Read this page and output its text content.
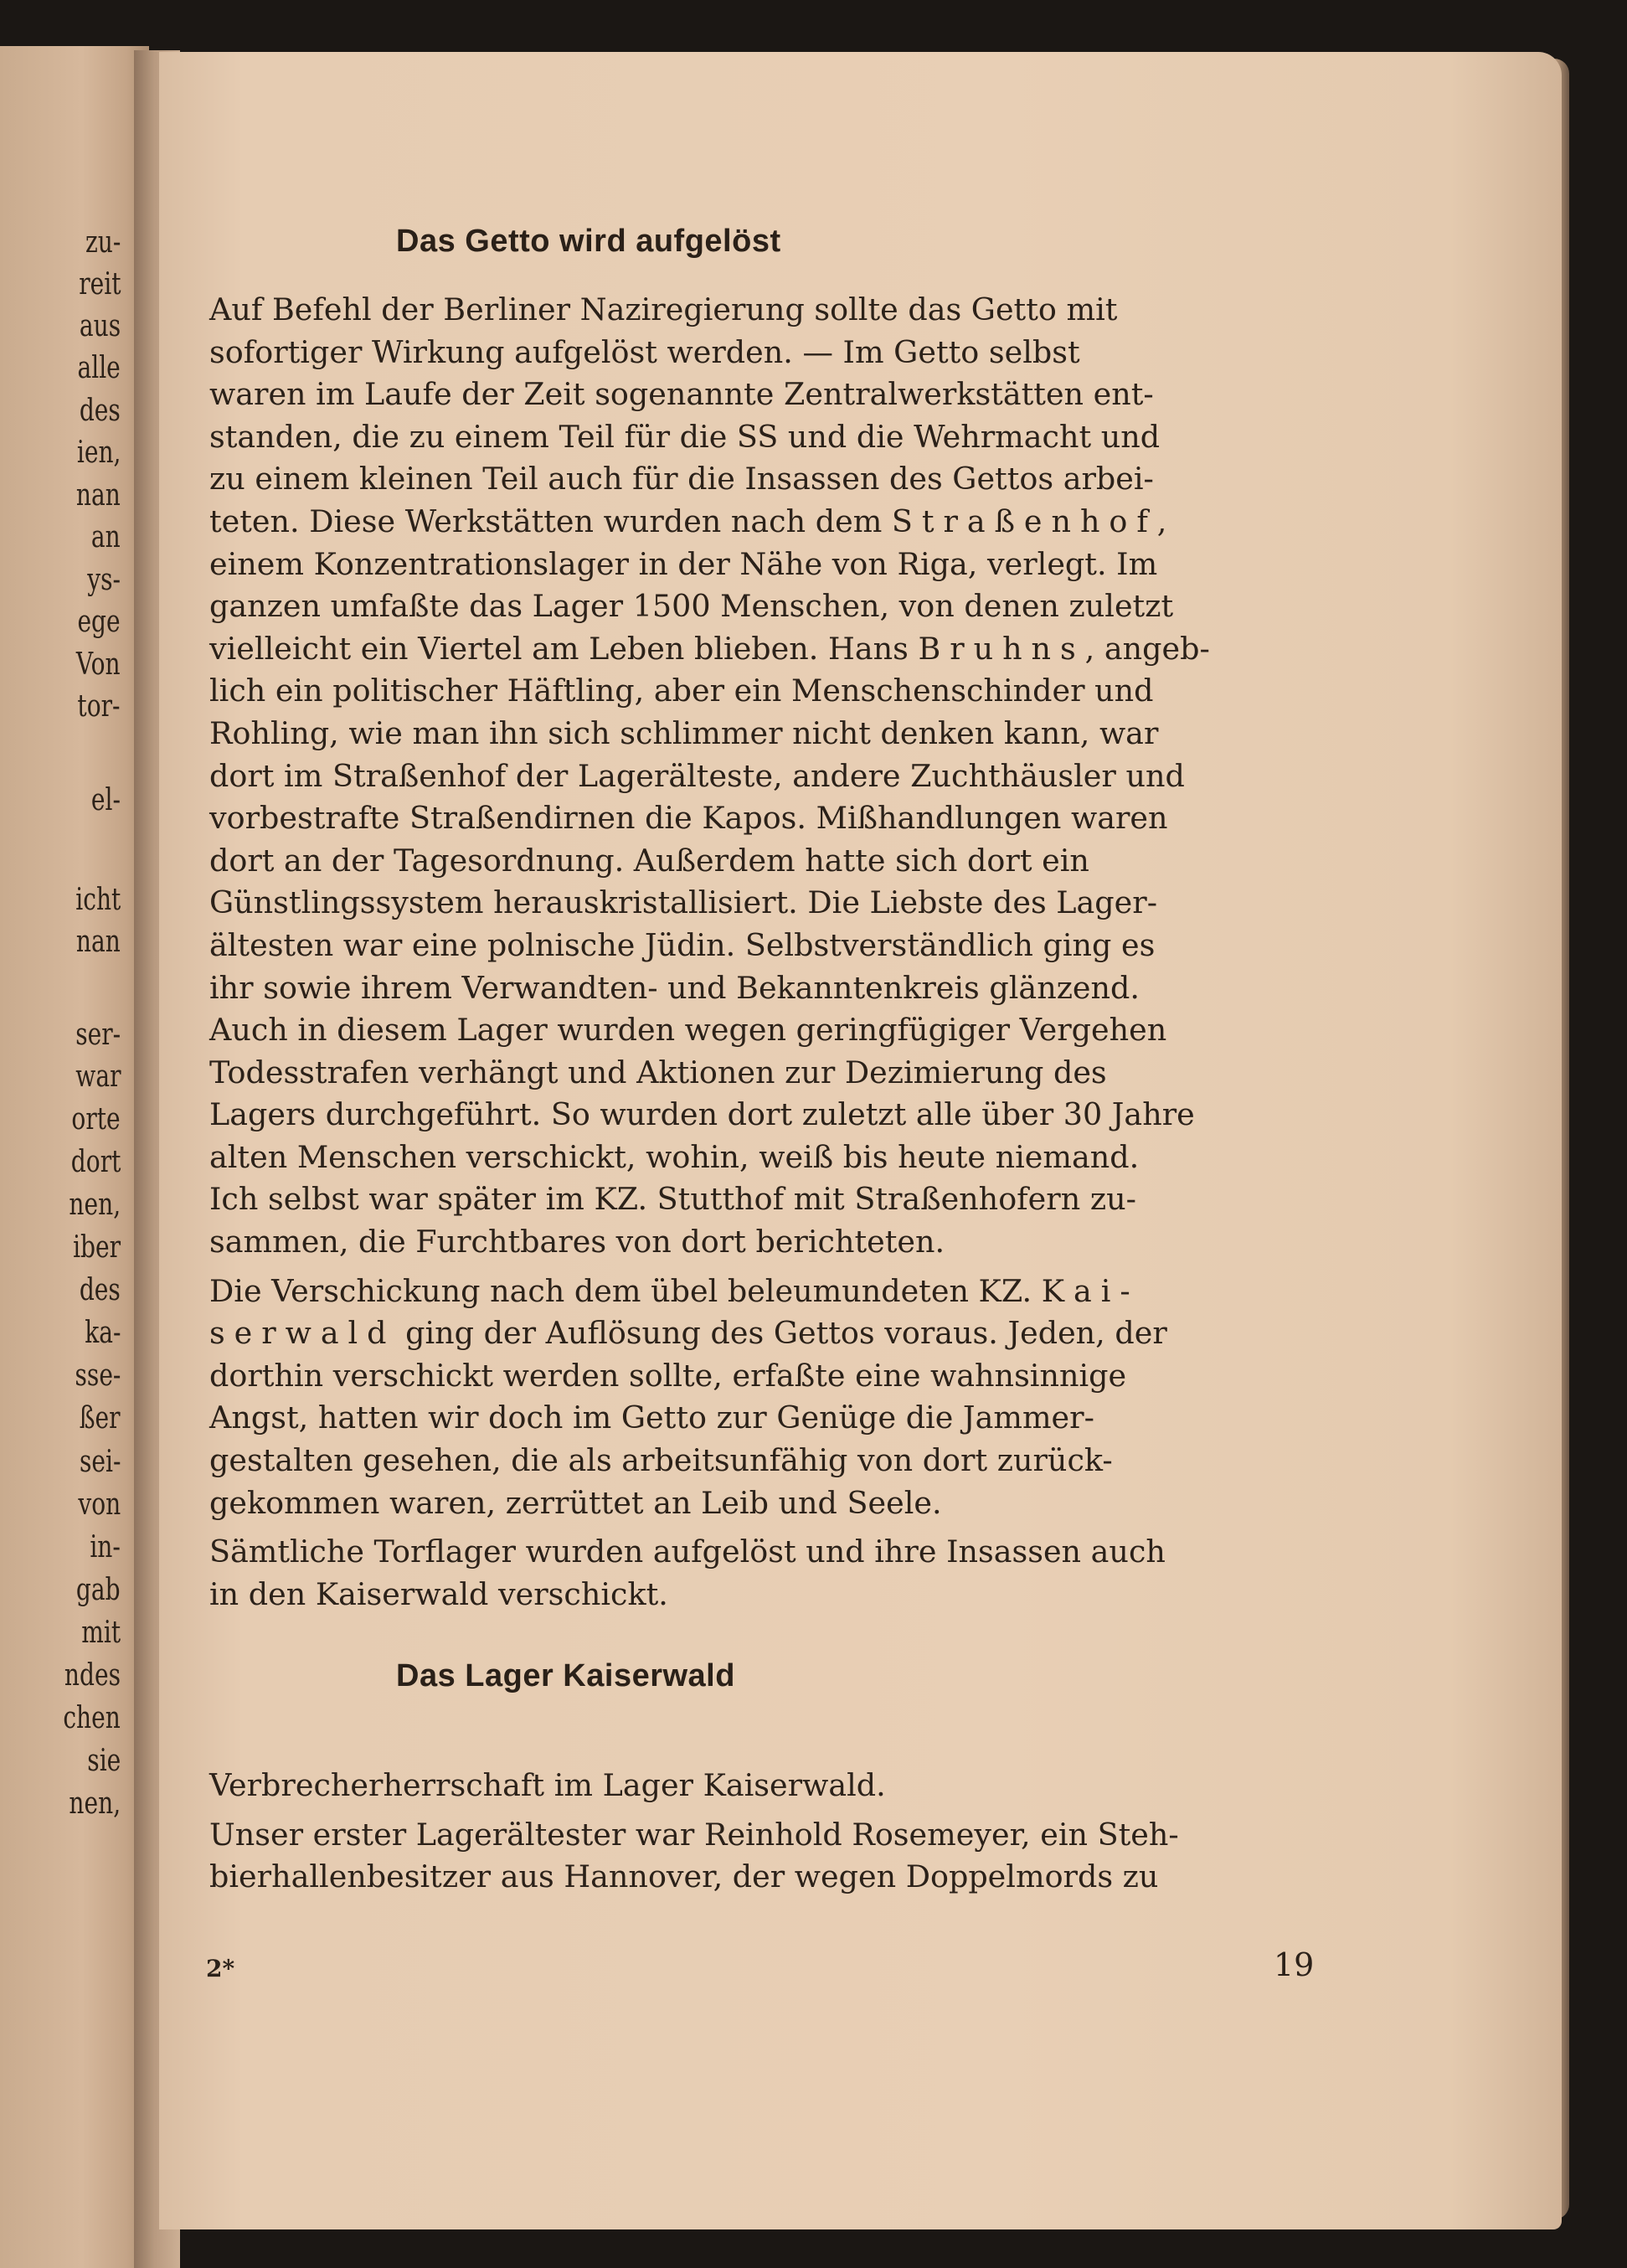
zu-

reit

aus

alle

des

ien,

nan

an

ys-

ege

Von

tor-

el-

icht

nan

ser-

war

orte

dort

nen,

iber

des

ka-

sse-

ßer

sei-

von

in-

gab

mit

ndes

chen

sie

nen,

Das Getto wird aufgelöst

Auf Befehl der Berliner Naziregierung sollte das Getto mit
sofortiger Wirkung aufgelöst werden. — Im Getto selbst
waren im Laufe der Zeit sogenannte Zentralwerkstätten ent-
standen, die zu einem Teil für die SS und die Wehrmacht und
zu einem kleinen Teil auch für die Insassen des Gettos arbei-
teten. Diese Werkstätten wurden nach dem Straßenhof,
einem Konzentrationslager in der Nähe von Riga, verlegt. Im
ganzen umfaßte das Lager 1500 Menschen, von denen zuletzt
vielleicht ein Viertel am Leben blieben. Hans Bruhns, angeb-
lich ein politischer Häftling, aber ein Menschenschinder und
Rohling, wie man ihn sich schlimmer nicht denken kann, war
dort im Straßenhof der Lagerälteste, andere Zuchthäusler und
vorbestrafte Straßendirnen die Kapos. Mißhandlungen waren
dort an der Tagesordnung. Außerdem hatte sich dort ein
Günstlingssystem herauskristallisiert. Die Liebste des Lager-
ältesten war eine polnische Jüdin. Selbstverständlich ging es
ihr sowie ihrem Verwandten- und Bekanntenkreis glänzend.
Auch in diesem Lager wurden wegen geringfügiger Vergehen
Todesstrafen verhängt und Aktionen zur Dezimierung des
Lagers durchgeführt. So wurden dort zuletzt alle über 30 Jahre
alten Menschen verschickt, wohin, weiß bis heute niemand.
Ich selbst war später im KZ. Stutthof mit Straßenhofern zu-
sammen, die Furchtbares von dort berichteten.

Die Verschickung nach dem übel beleumundeten KZ. Kai-
serwald ging der Auflösung des Gettos voraus. Jeden, der
dorthin verschickt werden sollte, erfaßte eine wahnsinnige
Angst, hatten wir doch im Getto zur Genüge die Jammer-
gestalten gesehen, die als arbeitsunfähig von dort zurück-
gekommen waren, zerrüttet an Leib und Seele.

Sämtliche Torflager wurden aufgelöst und ihre Insassen auch
in den Kaiserwald verschickt.

Das Lager Kaiserwald

Verbrecherherrschaft im Lager Kaiserwald.

Unser erster Lagerältester war Reinhold Rosemeyer, ein Steh-
bierhallenbesitzer aus Hannover, der wegen Doppelmords zu

2*	19
